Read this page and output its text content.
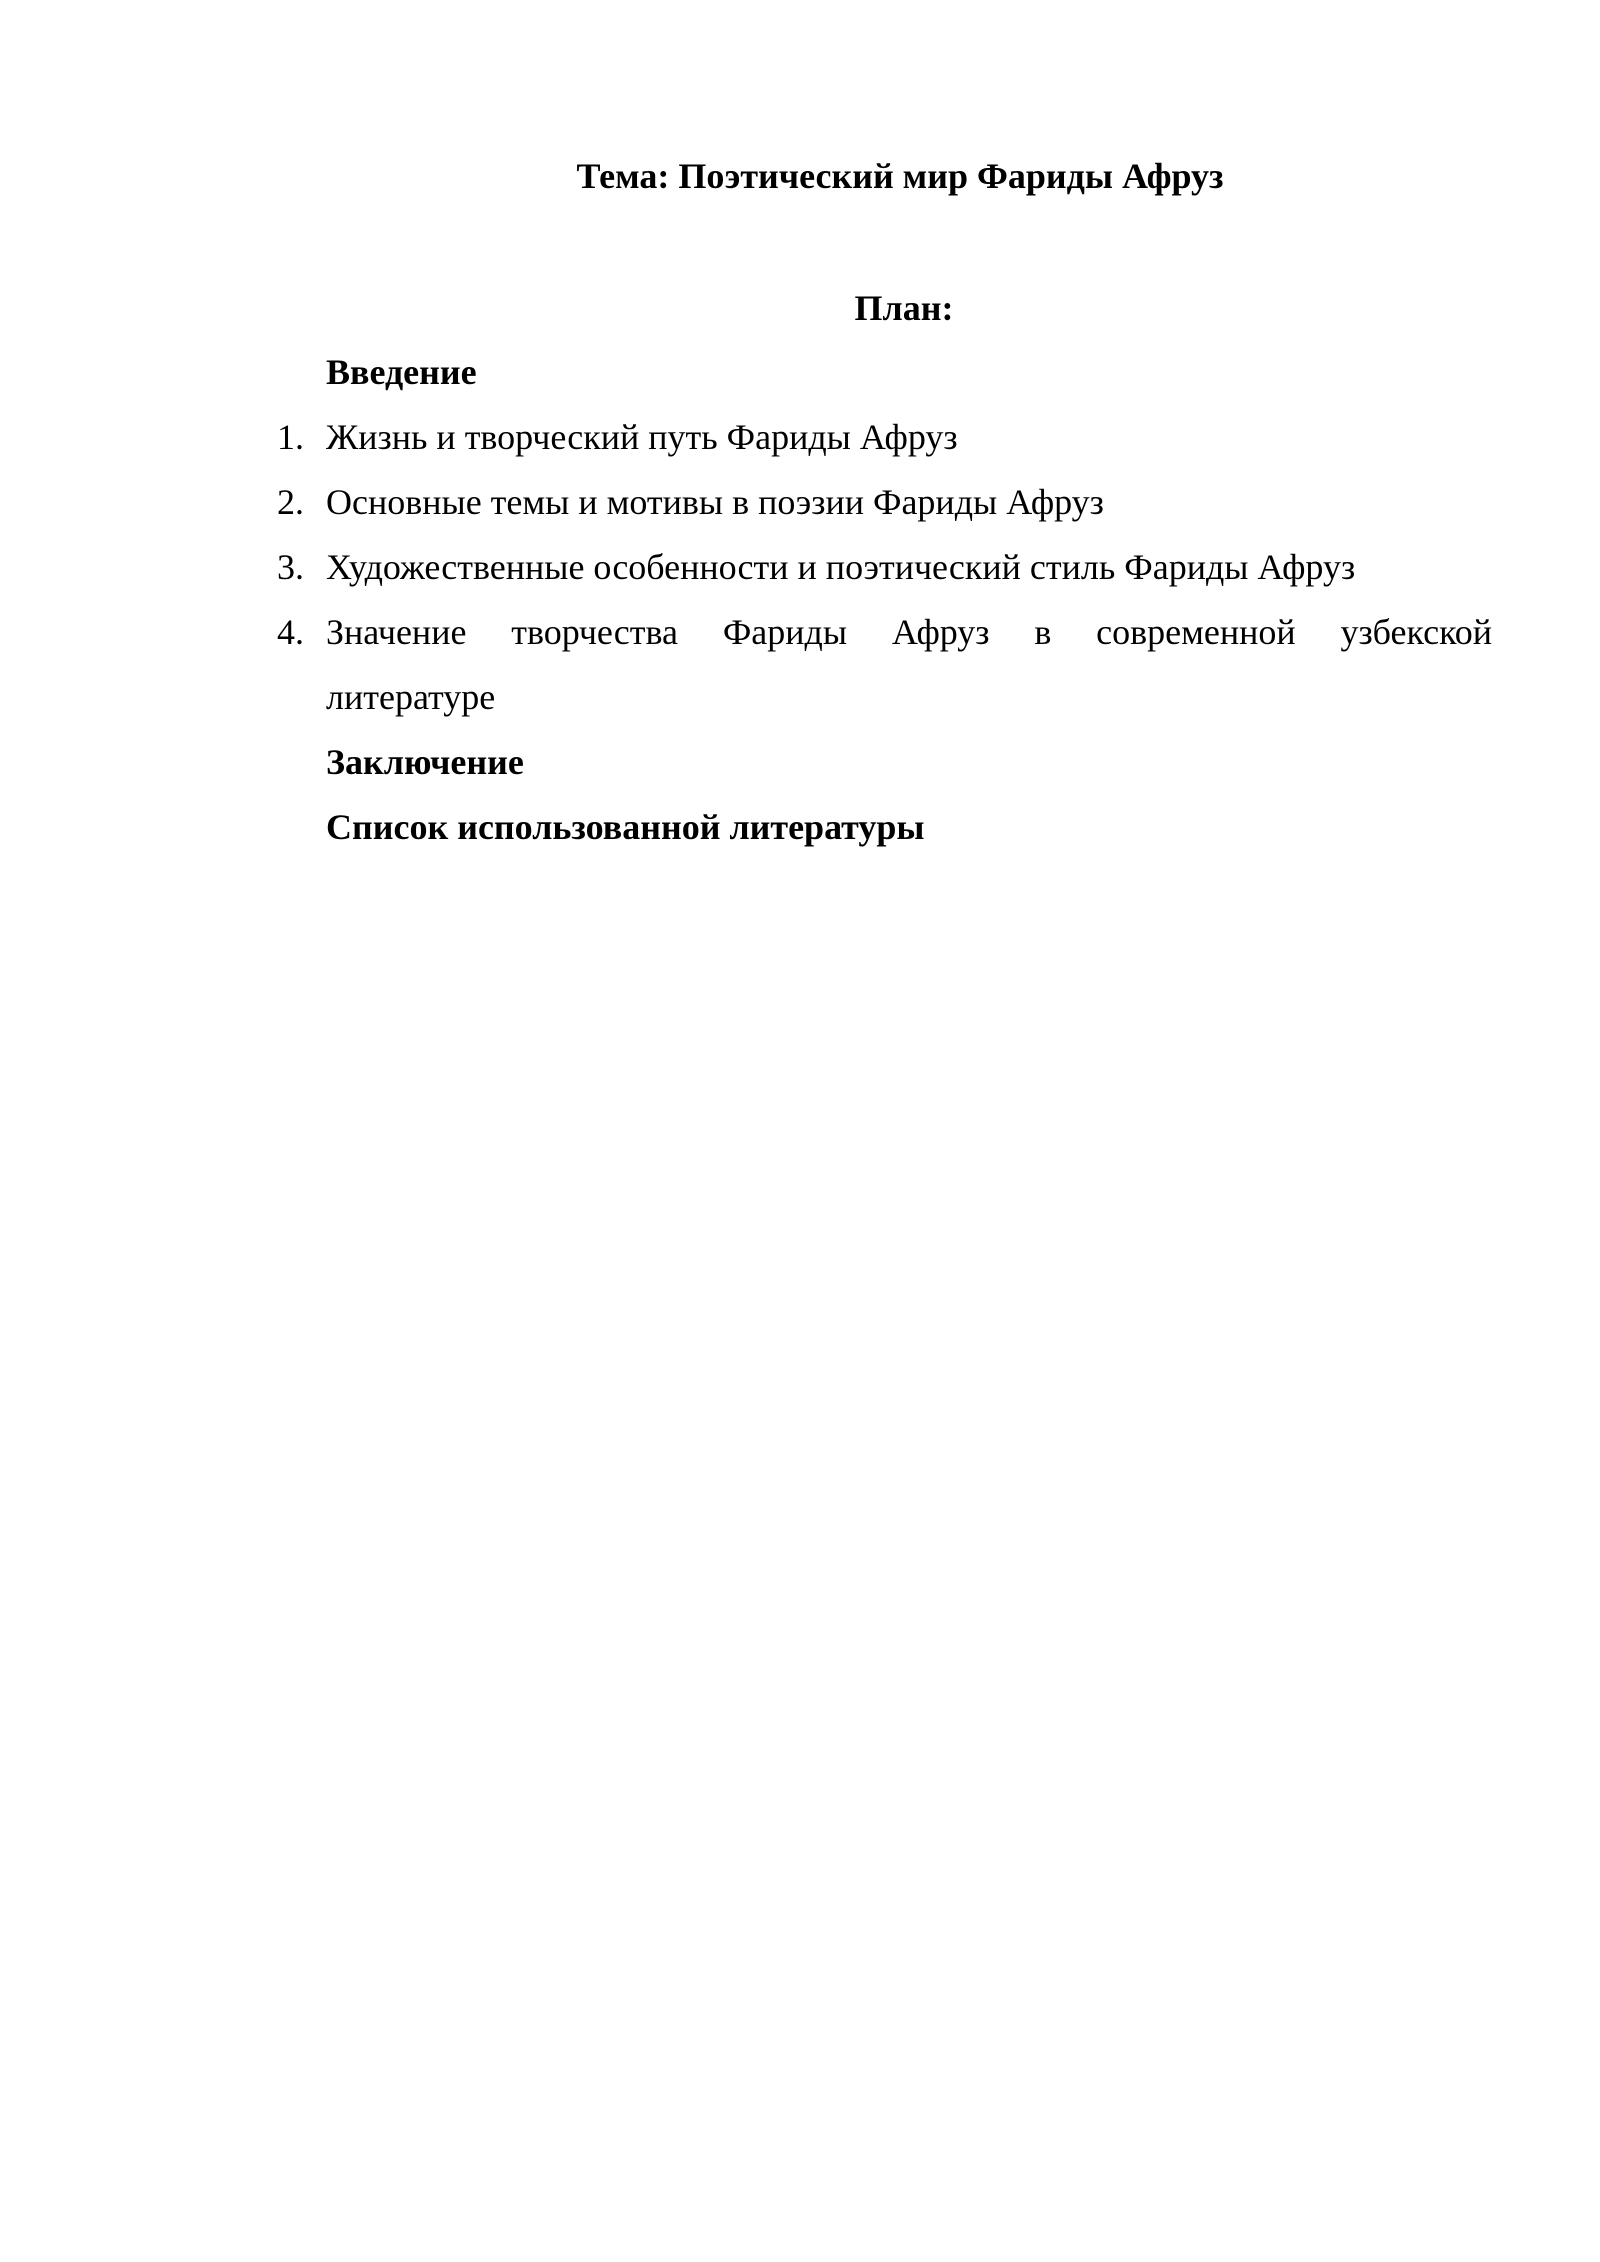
Тема: Поэтический мир Фариды Афруз
План:
Введение
1. Жизнь и творческий путь Фариды Афруз
2. Основные темы и мотивы в поэзии Фариды Афруз
3. Художественные особенности и поэтический стиль Фариды Афруз
4. Значение творчества Фариды Афруз в современной узбекской
литературе
Заключение
Список использованной литературы
